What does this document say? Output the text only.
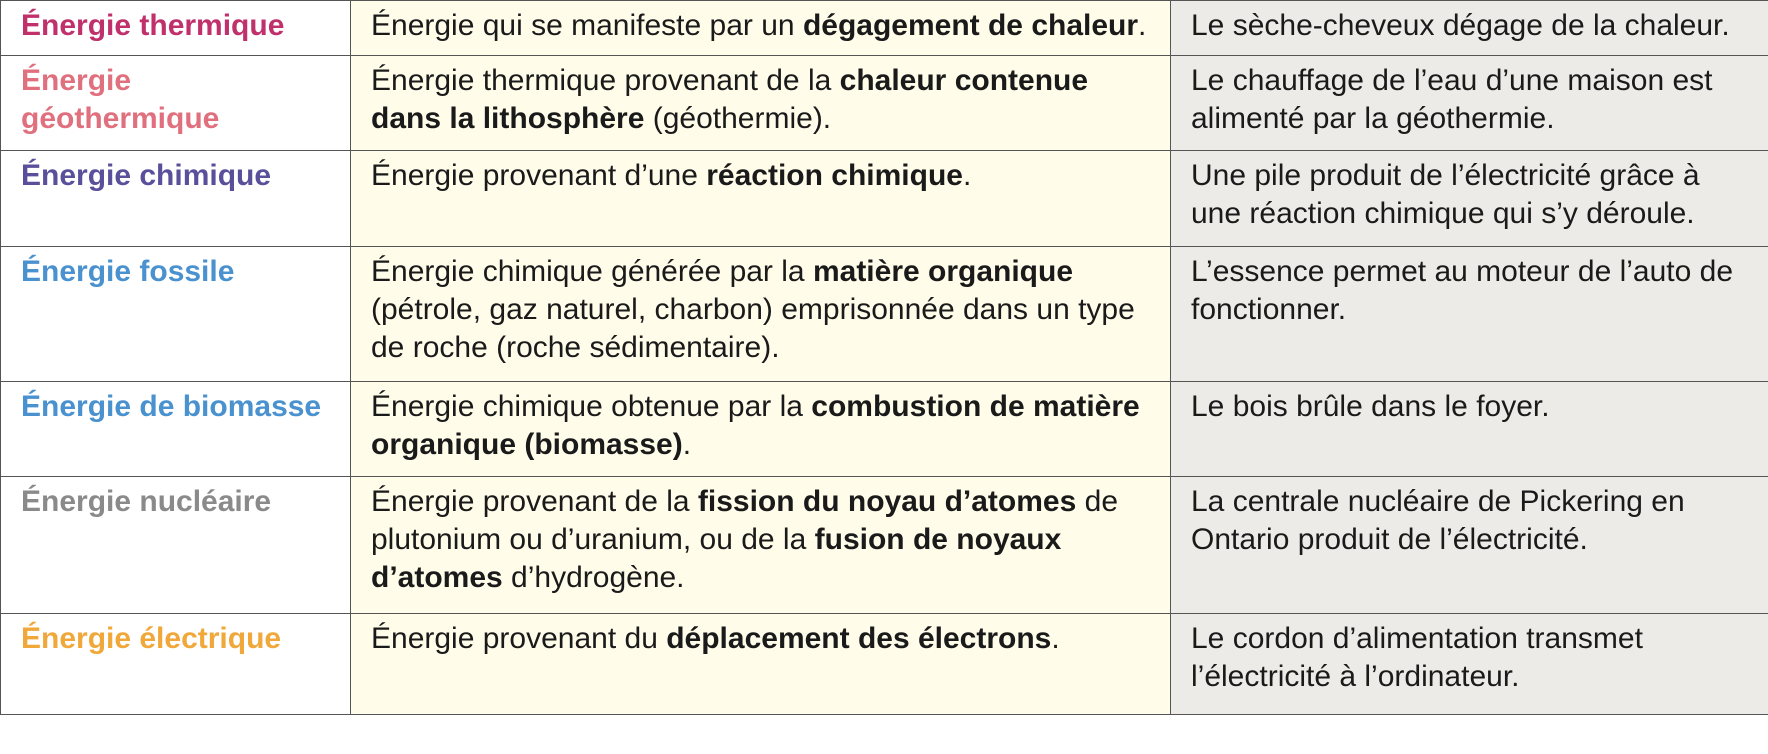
Énergie thermique	Énergie qui se manifeste par un dégagement de chaleur.	Le sèche-cheveux dégage de la chaleur.
Énergie géothermique	Énergie thermique provenant de la chaleur contenue dans la lithosphère (géothermie).	Le chauffage de l’eau d’une maison est alimenté par la géothermie.
Énergie chimique	Énergie provenant d’une réaction chimique.	Une pile produit de l’électricité grâce à une réaction chimique qui s’y déroule.
Énergie fossile	Énergie chimique générée par la matière organique (pétrole, gaz naturel, charbon) emprisonnée dans un type de roche (roche sédimentaire).	L’essence permet au moteur de l’auto de fonctionner.
Énergie de biomasse	Énergie chimique obtenue par la combustion de matière organique (biomasse).	Le bois brûle dans le foyer.
Énergie nucléaire	Énergie provenant de la fission du noyau d’atomes de plutonium ou d’uranium, ou de la fusion de noyaux d’atomes d’hydrogène.	La centrale nucléaire de Pickering en Ontario produit de l’électricité.
Énergie électrique	Énergie provenant du déplacement des électrons.	Le cordon d’alimentation transmet l’électricité à l’ordinateur.
